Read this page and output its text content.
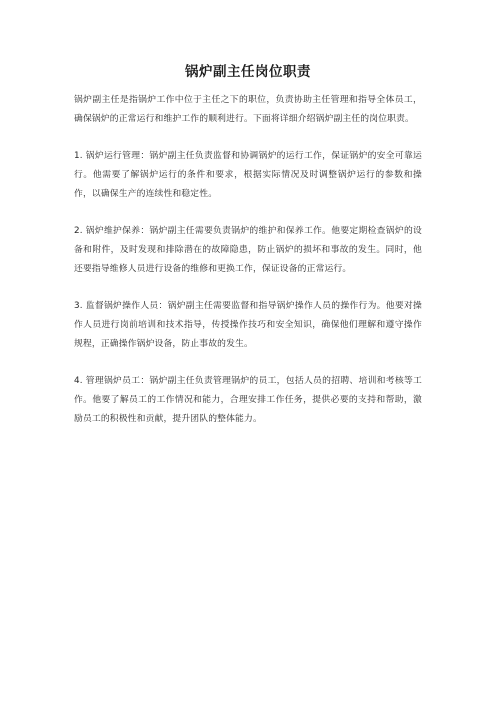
锅炉副主任岗位职责

锅炉副主任是指锅炉工作中位于主任之下的职位，负责协助主任管理和指导全体员工，确保锅炉的正常运行和维护工作的顺利进行。下面将详细介绍锅炉副主任的岗位职责。

1. 锅炉运行管理：锅炉副主任负责监督和协调锅炉的运行工作，保证锅炉的安全可靠运行。他需要了解锅炉运行的条件和要求，根据实际情况及时调整锅炉运行的参数和操作，以确保生产的连续性和稳定性。

2. 锅炉维护保养：锅炉副主任需要负责锅炉的维护和保养工作。他要定期检查锅炉的设备和附件，及时发现和排除潜在的故障隐患，防止锅炉的损坏和事故的发生。同时，他还要指导维修人员进行设备的维修和更换工作，保证设备的正常运行。

3. 监督锅炉操作人员：锅炉副主任需要监督和指导锅炉操作人员的操作行为。他要对操作人员进行岗前培训和技术指导，传授操作技巧和安全知识，确保他们理解和遵守操作规程，正确操作锅炉设备，防止事故的发生。

4. 管理锅炉员工：锅炉副主任负责管理锅炉的员工，包括人员的招聘、培训和考核等工作。他要了解员工的工作情况和能力，合理安排工作任务，提供必要的支持和帮助，激励员工的积极性和贡献，提升团队的整体能力。
